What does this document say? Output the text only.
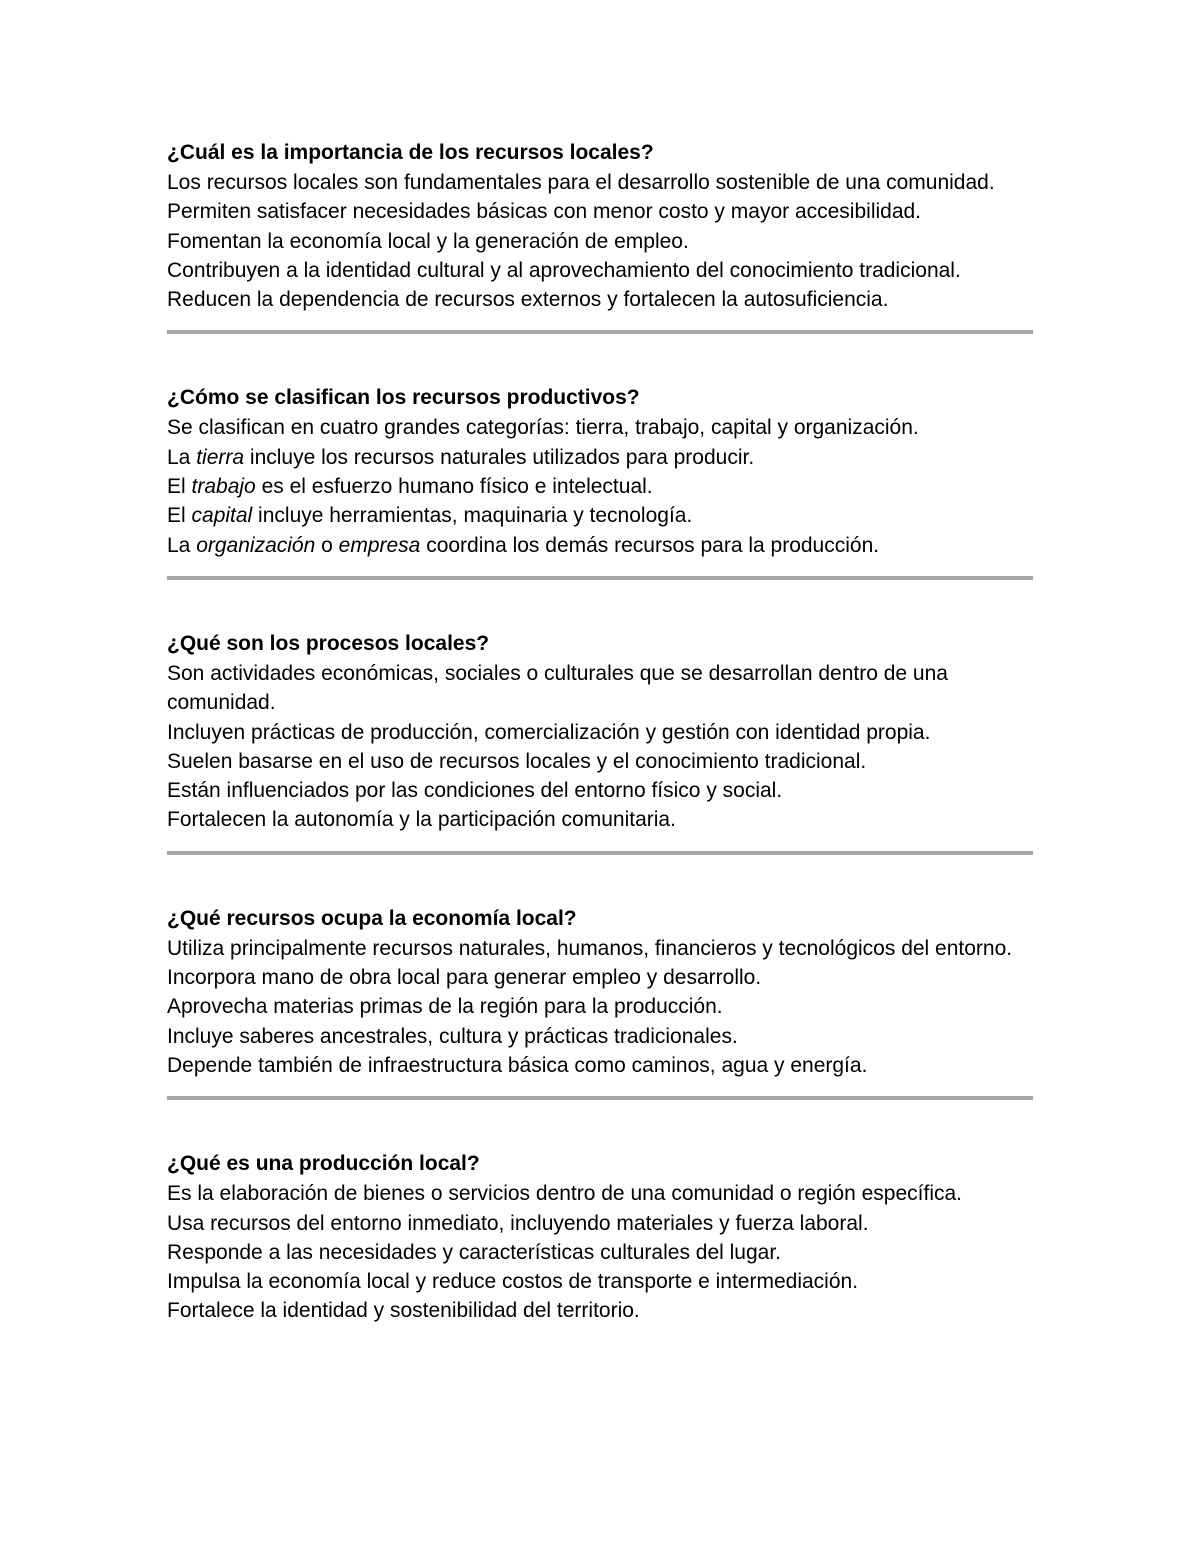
¿Cuál es la importancia de los recursos locales?

Los recursos locales son fundamentales para el desarrollo sostenible de una comunidad.

Permiten satisfacer necesidades básicas con menor costo y mayor accesibilidad.

Fomentan la economía local y la generación de empleo.

Contribuyen a la identidad cultural y al aprovechamiento del conocimiento tradicional.

Reducen la dependencia de recursos externos y fortalecen la autosuficiencia.

¿Cómo se clasifican los recursos productivos?

Se clasifican en cuatro grandes categorías: tierra, trabajo, capital y organización.

La tierra incluye los recursos naturales utilizados para producir.

El trabajo es el esfuerzo humano físico e intelectual.

El capital incluye herramientas, maquinaria y tecnología.

La organización o empresa coordina los demás recursos para la producción.

¿Qué son los procesos locales?

Son actividades económicas, sociales o culturales que se desarrollan dentro de una comunidad.

Incluyen prácticas de producción, comercialización y gestión con identidad propia.

Suelen basarse en el uso de recursos locales y el conocimiento tradicional.

Están influenciados por las condiciones del entorno físico y social.

Fortalecen la autonomía y la participación comunitaria.

¿Qué recursos ocupa la economía local?

Utiliza principalmente recursos naturales, humanos, financieros y tecnológicos del entorno.

Incorpora mano de obra local para generar empleo y desarrollo.

Aprovecha materias primas de la región para la producción.

Incluye saberes ancestrales, cultura y prácticas tradicionales.

Depende también de infraestructura básica como caminos, agua y energía.

¿Qué es una producción local?

Es la elaboración de bienes o servicios dentro de una comunidad o región específica.

Usa recursos del entorno inmediato, incluyendo materiales y fuerza laboral.

Responde a las necesidades y características culturales del lugar.

Impulsa la economía local y reduce costos de transporte e intermediación.

Fortalece la identidad y sostenibilidad del territorio.
